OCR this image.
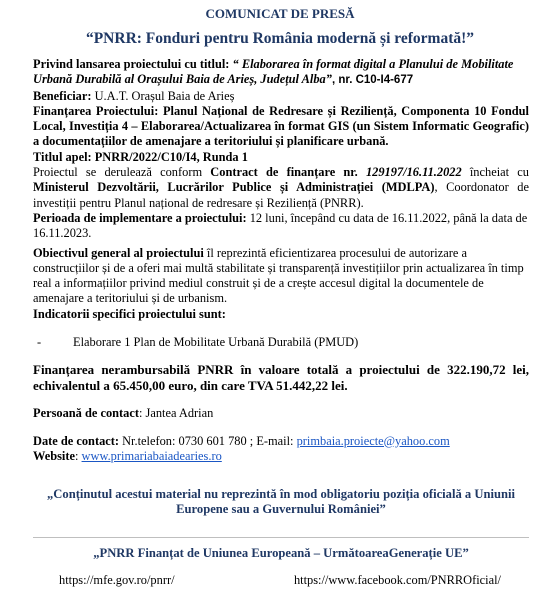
COMUNICAT DE PRESĂ
“PNRR: Fonduri pentru România modernă și reformată!”
Privind lansarea proiectului cu titlul: “ Elaborarea în format digital a Planului de Mobilitate Urbană Durabilă al Orașului Baia de Arieș, Județul Alba”, nr. C10-I4-677
Beneficiar: U.A.T. Orașul Baia de Arieș
Finanțarea Proiectului: Planul Național de Redresare și Reziliență, Componenta 10 Fondul Local, Investiția 4 – Elaborarea/Actualizarea în format GIS (un Sistem Informatic Geografic) a documentațiilor de amenajare a teritoriului și planificare urbană.
Titlul apel: PNRR/2022/C10/I4, Runda 1
Proiectul se derulează conform Contract de finanțare nr. 129197/16.11.2022 încheiat cu Ministerul Dezvoltării, Lucrărilor Publice și Administrației (MDLPA), Coordonator de investiții pentru Planul național de redresare și Reziliență (PNRR).
Perioada de implementare a proiectului: 12 luni, începând cu data de 16.11.2022, până la data de 16.11.2023.
Obiectivul general al proiectului îl reprezintă eficientizarea procesului de autorizare a construcțiilor și de a oferi mai multă stabilitate și transparență investițiilor prin actualizarea în timp real a informațiilor privind mediul construit și de a crește accesul digital la documentele de amenajare a teritoriului și de urbanism.
Indicatorii specifici proiectului sunt:
-	Elaborare 1 Plan de Mobilitate Urbană Durabilă (PMUD)
Finanțarea nerambursabilă PNRR în valoare totală a proiectului de 322.190,72 lei, echivalentul a 65.450,00 euro, din care TVA 51.442,22 lei.
Persoană de contact: Jantea Adrian
Date de contact: Nr.telefon: 0730 601 780 ; E-mail: primbaia.proiecte@yahoo.com
Website: www.primariabaiadearies.ro
„Conținutul acestui material nu reprezintă în mod obligatoriu poziția oficială a Uniunii Europene sau a Guvernului României”
„PNRR Finanțat de Uniunea Europeană – UrmătoareaGenerație UE”
https://mfe.gov.ro/pnrr/	https://www.facebook.com/PNRROficial/
